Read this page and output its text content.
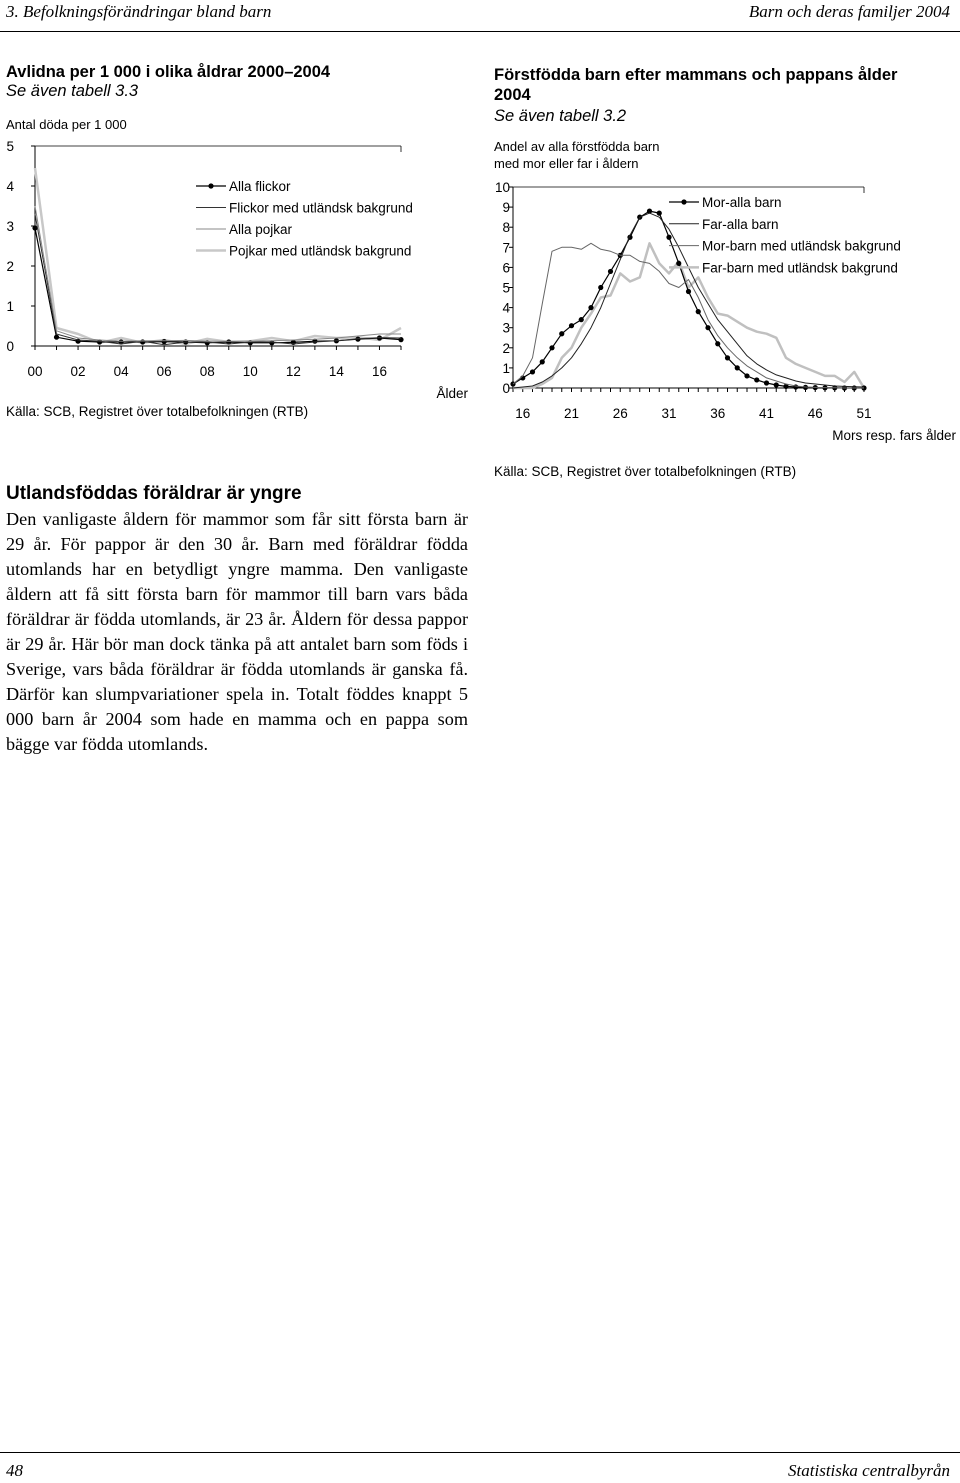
3. Befolkningsförändringar bland barn	Barn och deras familjer 2004
Avlidna per 1 000 i olika åldrar 2000–2004
Se även tabell 3.3
Antal döda per 1 000
0
1
2
3
4
5
00 02 04 06 08 10 12 14 16
Ålder
Alla flickor
Flickor med utländsk bakgrund
Alla pojkar
Pojkar med utländsk bakgrund
Källa: SCB, Registret över totalbefolkningen (RTB)
Förstfödda barn efter mammans och pappans ålder
2004
Se även tabell 3.2
Andel av alla förstfödda barn
med mor eller far i åldern
0
1
2
3
4
5
6
7
8
9
10
16 21 26 31 36 41 46 51
Mors resp. fars ålder
Mor-alla barn
Far-alla barn
Mor-barn med utländsk bakgrund
Far-barn med utländsk bakgrund
Källa: SCB, Registret över totalbefolkningen (RTB)
Utlandsföddas föräldrar är yngre

Den vanligaste åldern för mammor som får sitt första barn är 29 år. För pappor är den 30 år. Barn med föräldrar födda utomlands har en betydligt yngre mamma. Den vanligaste åldern att få sitt första barn för mammor till barn vars båda föräldrar är födda utomlands, är 23 år. Åldern för dessa pappor är 29 år. Här bör man dock tänka på att antalet barn som föds i Sverige, vars båda föräldrar är födda utomlands är ganska få. Därför kan slumpvariationer spela in. Totalt föddes knappt 5 000 barn år 2004 som hade en mamma och en pappa som bägge var födda utomlands.

48	Statistiska centralbyrån
